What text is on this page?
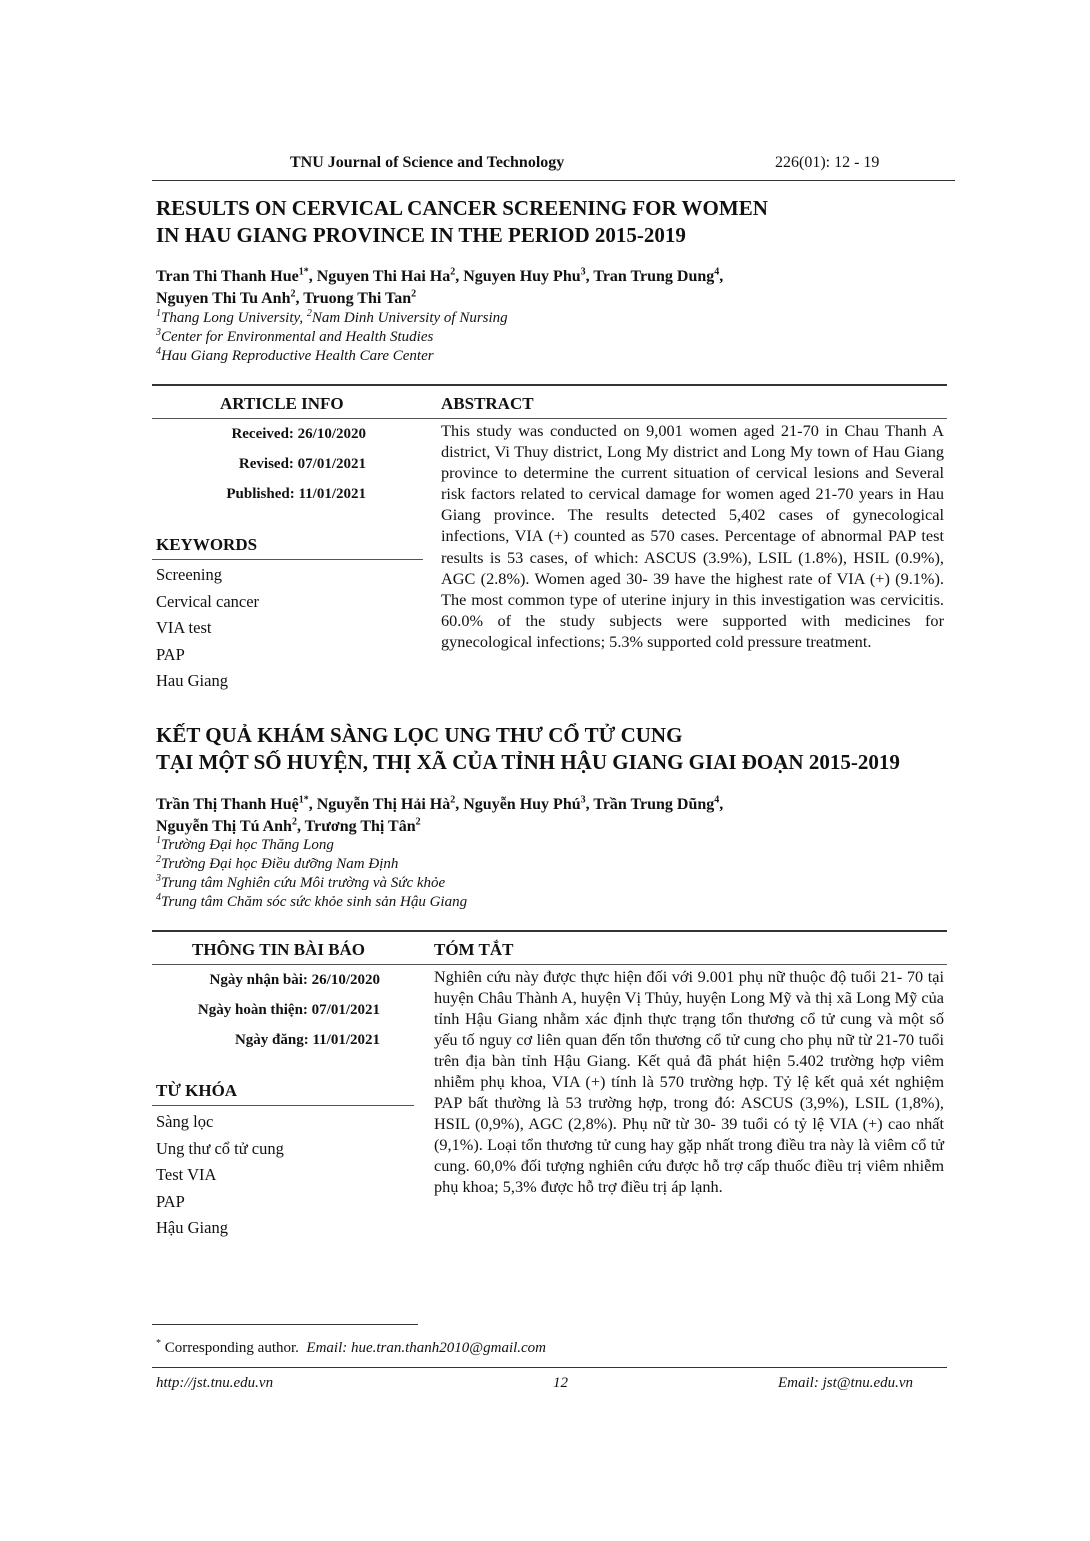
TNU Journal of Science and Technology	226(01): 12 - 19
RESULTS ON CERVICAL CANCER SCREENING FOR WOMEN
IN HAU GIANG PROVINCE IN THE PERIOD 2015-2019
Tran Thi Thanh Hue$^{1*}$, Nguyen Thi Hai Ha$^2$, Nguyen Huy Phu$^3$, Tran Trung Dung$^4$,
Nguyen Thi Tu Anh$^2$, Truong Thi Tan$^2$
$^1$Thang Long University, $^2$Nam Dinh University of Nursing
$^3$Center for Environmental and Health Studies
$^4$Hau Giang Reproductive Health Care Center
ARTICLE INFO	ABSTRACT
Received: 26/10/2020
Revised: 07/01/2021
Published: 11/01/2021
KEYWORDS
Screening
Cervical cancer
VIA test
PAP
Hau Giang
This study was conducted on 9,001 women aged 21-70 in Chau Thanh A district, Vi Thuy district, Long My district and Long My town of Hau Giang province to determine the current situation of cervical lesions and Several risk factors related to cervical damage for women aged 21-70 years in Hau Giang province. The results detected 5,402 cases of gynecological infections, VIA (+) counted as 570 cases. Percentage of abnormal PAP test results is 53 cases, of which: ASCUS (3.9%), LSIL (1.8%), HSIL (0.9%), AGC (2.8%). Women aged 30- 39 have the highest rate of VIA (+) (9.1%). The most common type of uterine injury in this investigation was cervicitis. 60.0% of the study subjects were supported with medicines for gynecological infections; 5.3% supported cold pressure treatment.
KẾT QUẢ KHÁM SÀNG LỌC UNG THƯ CỔ TỬ CUNG
TẠI MỘT SỐ HUYỆN, THỊ XÃ CỦA TỈNH HẬU GIANG GIAI ĐOẠN 2015-2019
Trần Thị Thanh Huệ$^{1*}$, Nguyễn Thị Hải $Hà^2$, Nguyễn Huy Phú$^3$, Trần Trung Dũng$^4$,
Nguyễn Thị Tú Anh$^2$, Trương Thị Tân$^2$
$^1$Trường Đại học Thăng Long
$^2$Trường Đại học Điều dưỡng Nam Định
$^3$Trung tâm Nghiên cứu Môi trường và Sức khỏe
$^4$Trung tâm Chăm sóc sức khỏe sinh sản Hậu Giang
THÔNG TIN BÀI BÁO	TÓM TẮT
Ngày nhận bài: 26/10/2020
Ngày hoàn thiện: 07/01/2021
Ngày đăng: 11/01/2021
TỪ KHÓA
Sàng lọc
Ung thư cổ tử cung
Test VIA
PAP
Hậu Giang
Nghiên cứu này được thực hiện đối với 9.001 phụ nữ thuộc độ tuổi 21- 70 tại huyện Châu Thành A, huyện Vị Thủy, huyện Long Mỹ và thị xã Long Mỹ của tỉnh Hậu Giang nhằm xác định thực trạng tổn thương cổ tử cung và một số yếu tố nguy cơ liên quan đến tổn thương cổ tử cung cho phụ nữ từ 21-70 tuổi trên địa bàn tỉnh Hậu Giang. Kết quả đã phát hiện 5.402 trường hợp viêm nhiễm phụ khoa, VIA (+) tính là 570 trường hợp. Tỷ lệ kết quả xét nghiệm PAP bất thường là 53 trường hợp, trong đó: ASCUS (3,9%), LSIL (1,8%), HSIL (0,9%), AGC (2,8%). Phụ nữ từ 30- 39 tuổi có tỷ lệ VIA (+) cao nhất (9,1%). Loại tổn thương tử cung hay gặp nhất trong điều tra này là viêm cổ tử cung. 60,0% đối tượng nghiên cứu được hỗ trợ cấp thuốc điều trị viêm nhiễm phụ khoa; 5,3% được hỗ trợ điều trị áp lạnh.
* Corresponding author. Email: hue.tran.thanh2010@gmail.com
http://jst.tnu.edu.vn	12	Email: jst@tnu.edu.vn
